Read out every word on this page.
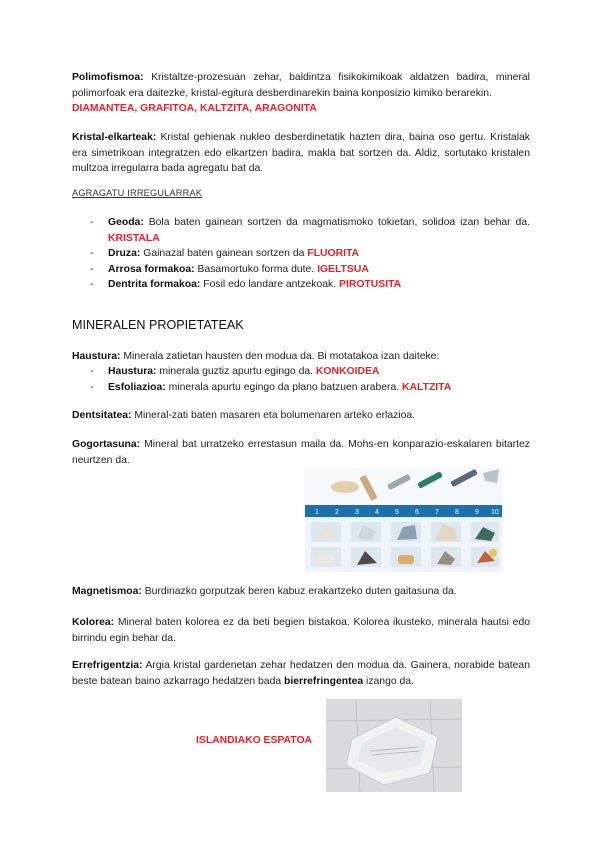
Polimofismoa: Kristaltze-prozesuan zehar, baldintza fisikokimikoak aldatzen badira, mineral polimorfoak era daitezke, kristal-egitura desberdinarekin baina konposizio kimiko berarekin.
DIAMANTEA, GRAFITOA, KALTZITA, ARAGONITA

Kristal-elkarteak: Kristal gehienak nukleo desberdinetatik hazten dira, baina oso gertu. Kristalak era simetrikoan integratzen edo elkartzen badira, makla bat sortzen da. Aldiz, sortutako kristalen multzoa irregularra bada agregatu bat da.

AGRAGATU IRREGULARRAK
- Geoda: Bola baten gainean sortzen da magmatismoko tokietan, solidoa izan behar da. KRISTALA
- Druza: Gainazal baten gainean sortzen da FLUORITA
- Arrosa formakoa: Basamortuko forma dute. IGELTSUA
- Dentrita formakoa: Fosil edo landare antzekoak. PIROTUSITA
MINERALEN PROPIETATEAK

Haustura: Minerala zatietan hausten den modua da. Bi motatakoa izan daiteke:

- Haustura: minerala guztiz apurtu egingo da. KONKOIDEA
- Esfoliazioa: minerala apurtu egingo da plano batzuen arabera. KALTZITA

Dentsitatea: Mineral-zati baten masaren eta bolumenaren arteko erlazioa.

Gogortasuna: Mineral bat urratzeko errestasun maila da. Mohs-en konparazio-eskalaren bitartez neurtzen da.

1 2 3 4 5 6 7 8 9 10

Magnetismoa: Burdinazko gorputzak beren kabuz erakartzeko duten gaitasuna da.

Kolorea: Mineral baten kolorea ez da beti begien bistakoa. Kolorea ikusteko, minerala hautsi edo birrindu egin behar da.

Errefrigentzia: Argia kristal gardenetan zehar hedatzen den modua da. Gainera, norabide batean beste batean baino azkarrago hedatzen bada bierrefringentea izango da.

ISLANDIAKO ESPATOA
